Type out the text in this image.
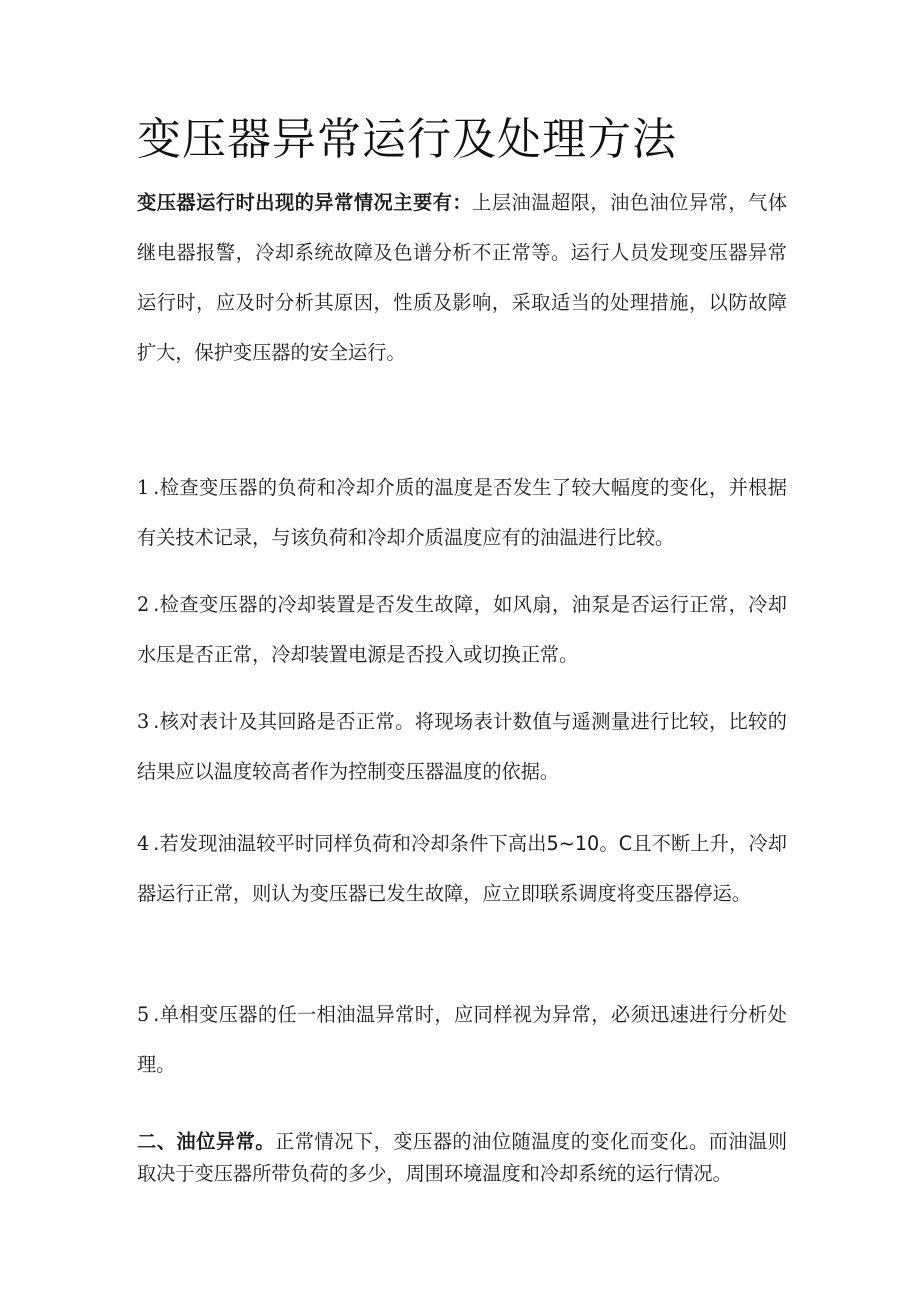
变压器异常运行及处理方法

变压器运行时出现的异常情况主要有：上层油温超限，油色油位异常，气体继电器报警，冷却系统故障及色谱分析不正常等。运行人员发现变压器异常运行时，应及时分析其原因，性质及影响，采取适当的处理措施，以防故障扩大，保护变压器的安全运行。

1 .检查变压器的负荷和冷却介质的温度是否发生了较大幅度的变化，并根据有关技术记录，与该负荷和冷却介质温度应有的油温进行比较。

2 .检查变压器的冷却装置是否发生故障，如风扇，油泵是否运行正常，冷却水压是否正常，冷却装置电源是否投入或切换正常。

3 .核对表计及其回路是否正常。将现场表计数值与遥测量进行比较，比较的结果应以温度较高者作为控制变压器温度的依据。

4 .若发现油温较平时同样负荷和冷却条件下高出5~10。C且不断上升，冷却器运行正常，则认为变压器已发生故障，应立即联系调度将变压器停运。

5 .单相变压器的任一相油温异常时，应同样视为异常，必须迅速进行分析处理。

二、油位异常。正常情况下，变压器的油位随温度的变化而变化。而油温则取决于变压器所带负荷的多少，周围环境温度和冷却系统的运行情况。
